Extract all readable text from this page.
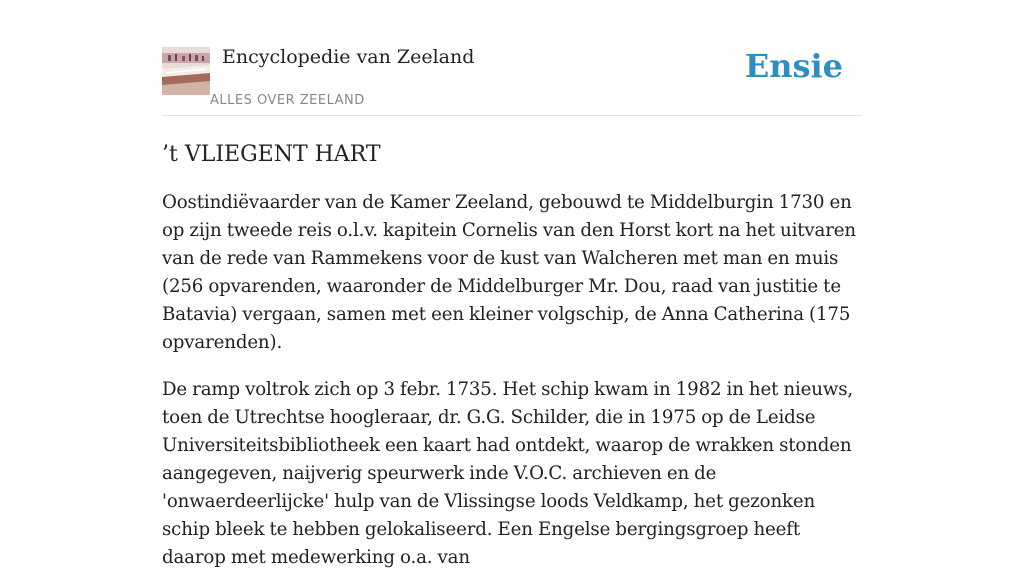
Encyclopedie van Zeeland
ALLES OVER ZEELAND
Ensie
’t VLIEGENT HART

Oostindiëvaarder van de Kamer Zeeland, gebouwd te Middelburgin 1730 en op zijn tweede reis o.l.v. kapitein Cornelis van den Horst kort na het uitvaren van de rede van Rammekens voor de kust van Walcheren met man en muis (256 opvarenden, waaronder de Middelburger Mr. Dou, raad van justitie te Batavia) vergaan, samen met een kleiner volgschip, de Anna Catherina (175 opvarenden).

De ramp voltrok zich op 3 febr. 1735. Het schip kwam in 1982 in het nieuws, toen de Utrechtse hoogleraar, dr. G.G. Schilder, die in 1975 op de Leidse Universiteitsbibliotheek een kaart had ontdekt, waarop de wrakken stonden aangegeven, naijverig speurwerk inde V.O.C. archieven en de 'onwaerdeerlijcke' hulp van de Vlissingse loods Veldkamp, het gezonken schip bleek te hebben gelokaliseerd. Een Engelse bergingsgroep heeft daarop met medewerking o.a. van
